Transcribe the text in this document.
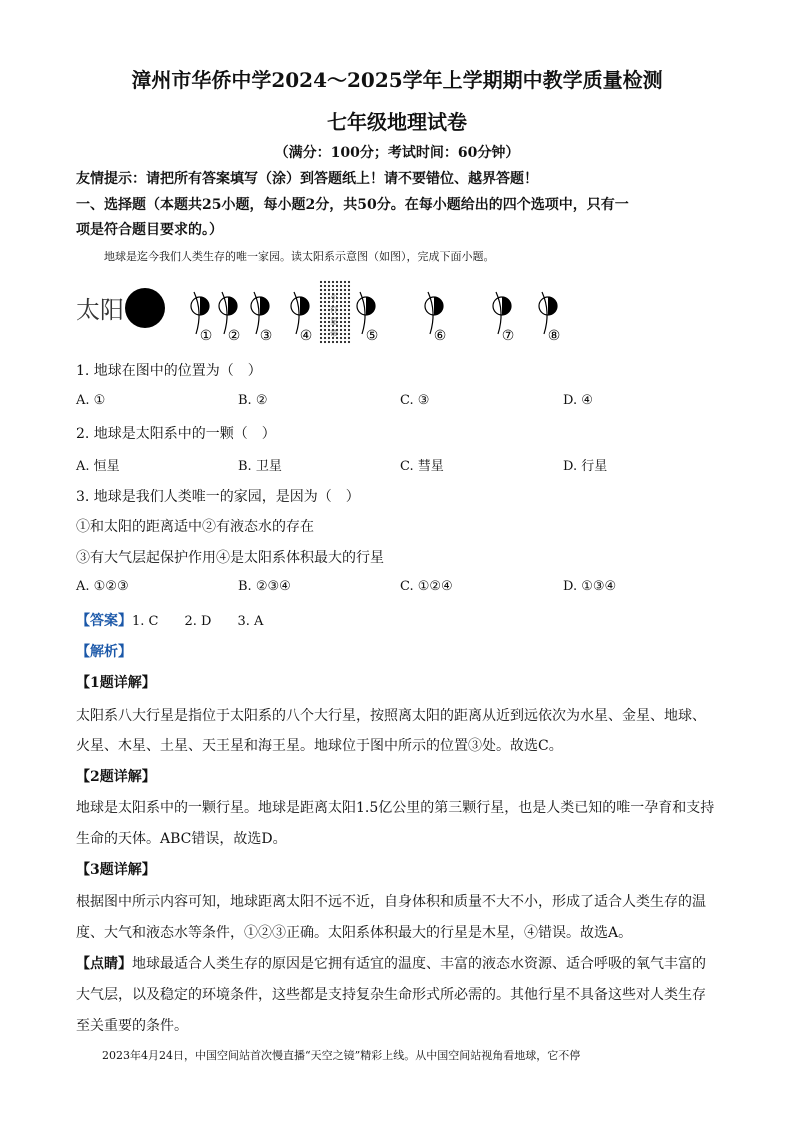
漳州市华侨中学2024～2025学年上学期期中教学质量检测
七年级地理试卷
（满分：100分；考试时间：60分钟）
友情提示：请把所有答案填写（涂）到答题纸上！请不要错位、越界答题！
一、选择题（本题共25小题，每小题2分，共50分。在每小题给出的四个选项中，只有一
项是符合题目要求的。）
地球是迄今我们人类生存的唯一家园。读太阳系示意图（如图），完成下面小题。
太阳	小
行
星
带
① ② ③ ④	⑤	⑥	⑦ ⑧
1. 地球在图中的位置为（　）
A. ①	B. ②	C. ③	D. ④
2. 地球是太阳系中的一颗（　）
A. 恒星	B. 卫星	C. 彗星	D. 行星
3. 地球是我们人类唯一的家园，是因为（　）
①和太阳的距离适中②有液态水的存在
③有大气层起保护作用④是太阳系体积最大的行星
A. ①②③	B. ②③④	C. ①②④	D. ①③④
【答案】1. C　　2. D　　3. A
【解析】
【1题详解】
太阳系八大行星是指位于太阳系的八个大行星，按照离太阳的距离从近到远依次为水星、金星、地球、
火星、木星、土星、天王星和海王星。地球位于图中所示的位置③处。故选C。
【2题详解】
地球是太阳系中的一颗行星。地球是距离太阳1.5亿公里的第三颗行星，也是人类已知的唯一孕育和支持
生命的天体。ABC错误，故选D。
【3题详解】
根据图中所示内容可知，地球距离太阳不远不近，自身体积和质量不大不小，形成了适合人类生存的温
度、大气和液态水等条件，①②③正确。太阳系体积最大的行星是木星，④错误。故选A。
【点睛】地球最适合人类生存的原因是它拥有适宜的温度、丰富的液态水资源、适合呼吸的氧气丰富的
大气层，以及稳定的环境条件，这些都是支持复杂生命形式所必需的。其他行星不具备这些对人类生存
至关重要的条件。
2023年4月24日，中国空间站首次慢直播“天空之镜”精彩上线。从中国空间站视角看地球，它不停
